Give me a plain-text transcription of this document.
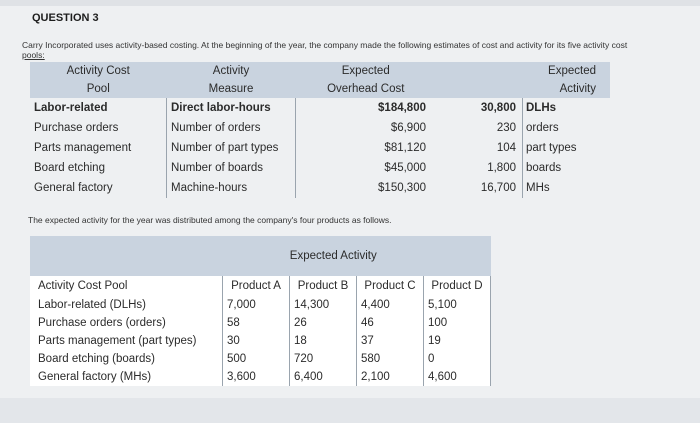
QUESTION 3
Carry Incorporated uses activity-based costing. At the beginning of the year, the company made the following estimates of cost and activity for its five activity cost
pools:
Activity Cost	Activity	Expected	Expected	
Pool	Measure	Overhead Cost	Activity	
Labor-related	Direct labor-hours	$184,800	30,800	DLHs
Purchase orders	Number of orders	$6,900	230	orders
Parts management	Number of part types	$81,120	104	part types
Board etching	Number of boards	$45,000	1,800	boards
General factory	Machine-hours	$150,300	16,700	MHs
The expected activity for the year was distributed among the company's four products as follows.
Expected Activity				
Activity Cost Pool	Product A	Product B	Product C	Product D
Labor-related (DLHs)	7,000	14,300	4,400	5,100
Purchase orders (orders)	58	26	46	100
Parts management (part types)	30	18	37	19
Board etching (boards)	500	720	580	0
General factory (MHs)	3,600	6,400	2,100	4,600
